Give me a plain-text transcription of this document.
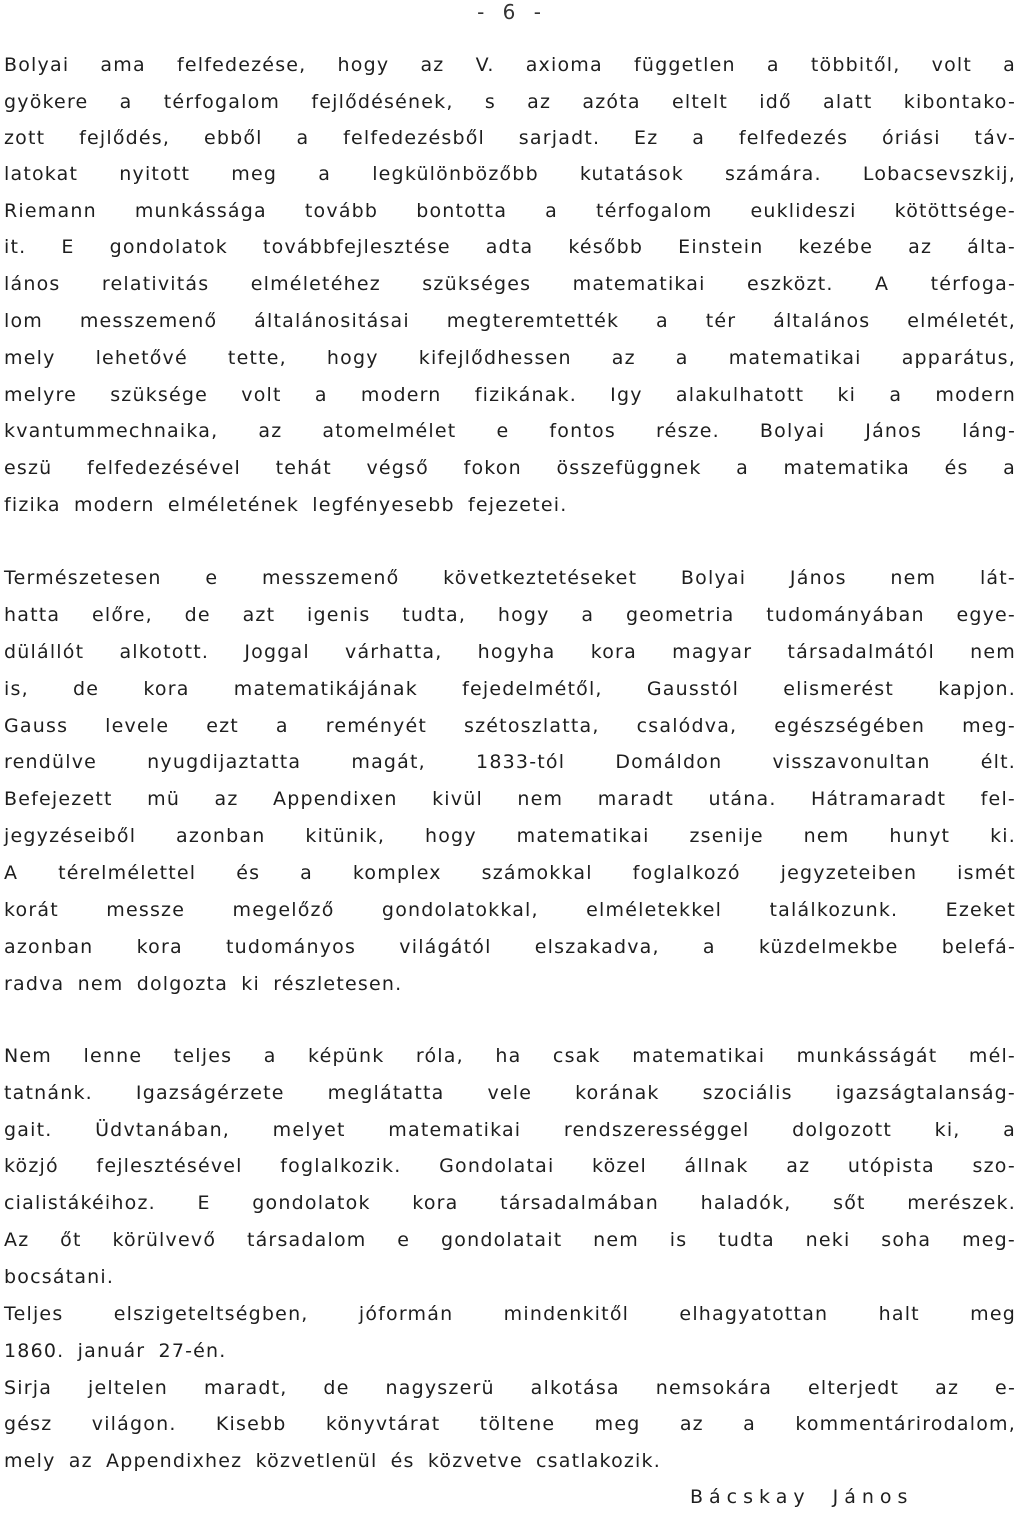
- 6 -
Bolyai ama felfedezése, hogy az V. axioma független a többitől, volt a
gyökere a térfogalom fejlődésének, s az azóta eltelt idő alatt kibontako-
zott fejlődés, ebből a felfedezésből sarjadt. Ez a felfedezés óriási táv-
latokat nyitott meg a legkülönbözőbb kutatások számára. Lobacsevszkij,
Riemann munkássága tovább bontotta a térfogalom euklideszi kötöttsége-
it. E gondolatok továbbfejlesztése adta később Einstein kezébe az álta-
lános relativitás elméletéhez szükséges matematikai eszközt. A térfoga-
lom messzemenő általánositásai megteremtették a tér általános elméletét,
mely lehetővé tette, hogy kifejlődhessen az a matematikai apparátus,
melyre szüksége volt a modern fizikának. Igy alakulhatott ki a modern
kvantummechnaika, az atomelmélet e fontos része. Bolyai János láng-
eszü felfedezésével tehát végső fokon összefüggnek a matematika és a
fizika modern elméletének legfényesebb fejezetei.
Természetesen e messzemenő következtetéseket Bolyai János nem lát-
hatta előre, de azt igenis tudta, hogy a geometria tudományában egye-
dülállót alkotott. Joggal várhatta, hogyha kora magyar társadalmától nem
is, de kora matematikájának fejedelmétől, Gausstól elismerést kapjon.
Gauss levele ezt a reményét szétoszlatta, csalódva, egészségében meg-
rendülve nyugdijaztatta magát, 1833-tól Domáldon visszavonultan élt.
Befejezett mü az Appendixen kivül nem maradt utána. Hátramaradt fel-
jegyzéseiből azonban kitünik, hogy matematikai zsenije nem hunyt ki.
A térelmélettel és a komplex számokkal foglalkozó jegyzeteiben ismét
korát messze megelőző gondolatokkal, elméletekkel találkozunk. Ezeket
azonban kora tudományos világától elszakadva, a küzdelmekbe belefá-
radva nem dolgozta ki részletesen.
Nem lenne teljes a képünk róla, ha csak matematikai munkásságát mél-
tatnánk. Igazságérzete meglátatta vele korának szociális igazságtalanság-
gait. Üdvtanában, melyet matematikai rendszerességgel dolgozott ki, a
közjó fejlesztésével foglalkozik. Gondolatai közel állnak az utópista szo-
cialistákéihoz. E gondolatok kora társadalmában haladók, sőt merészek.
Az őt körülvevő társadalom e gondolatait nem is tudta neki soha meg-
bocsátani.
Teljes elszigeteltségben, jóformán mindenkitől elhagyatottan halt meg
1860. január 27-én.
Sirja jeltelen maradt, de nagyszerü alkotása nemsokára elterjedt az e-
gész világon. Kisebb könyvtárat töltene meg az a kommentárirodalom,
mely az Appendixhez közvetlenül és közvetve csatlakozik.
Bácskay János
